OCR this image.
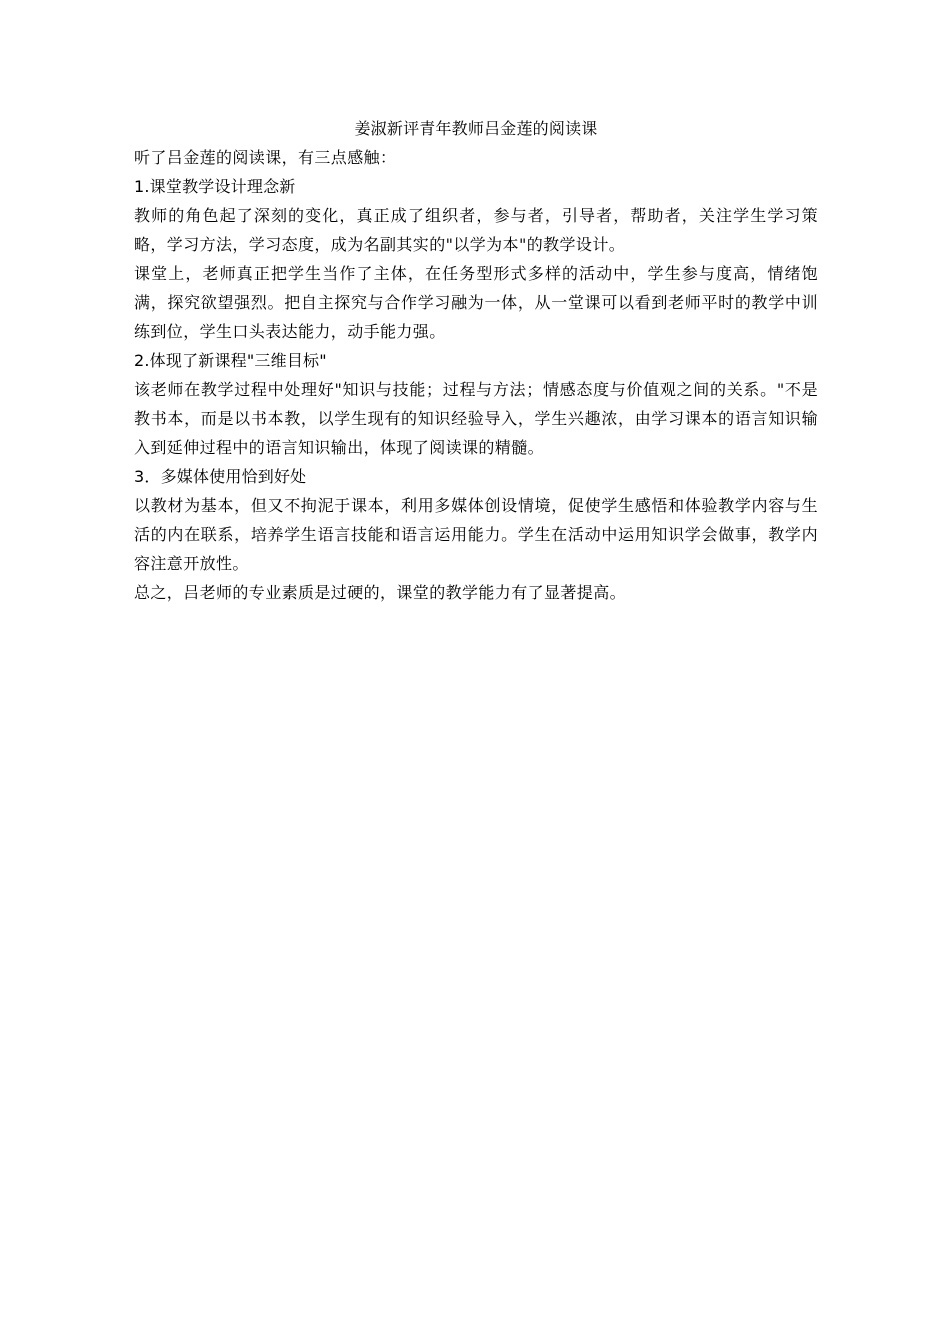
姜淑新评青年教师吕金莲的阅读课

听了吕金莲的阅读课，有三点感触：

1.课堂教学设计理念新

教师的角色起了深刻的变化，真正成了组织者，参与者，引导者，帮助者，关注学生学习策略，学习方法，学习态度，成为名副其实的"以学为本"的教学设计。

课堂上，老师真正把学生当作了主体，在任务型形式多样的活动中，学生参与度高，情绪饱满，探究欲望强烈。把自主探究与合作学习融为一体，从一堂课可以看到老师平时的教学中训练到位，学生口头表达能力，动手能力强。

2.体现了新课程"三维目标"

该老师在教学过程中处理好"知识与技能；过程与方法；情感态度与价值观之间的关系。"不是教书本，而是以书本教，以学生现有的知识经验导入，学生兴趣浓，由学习课本的语言知识输入到延伸过程中的语言知识输出，体现了阅读课的精髓。

3．多媒体使用恰到好处

以教材为基本，但又不拘泥于课本，利用多媒体创设情境，促使学生感悟和体验教学内容与生活的内在联系，培养学生语言技能和语言运用能力。学生在活动中运用知识学会做事，教学内容注意开放性。

总之，吕老师的专业素质是过硬的，课堂的教学能力有了显著提高。
